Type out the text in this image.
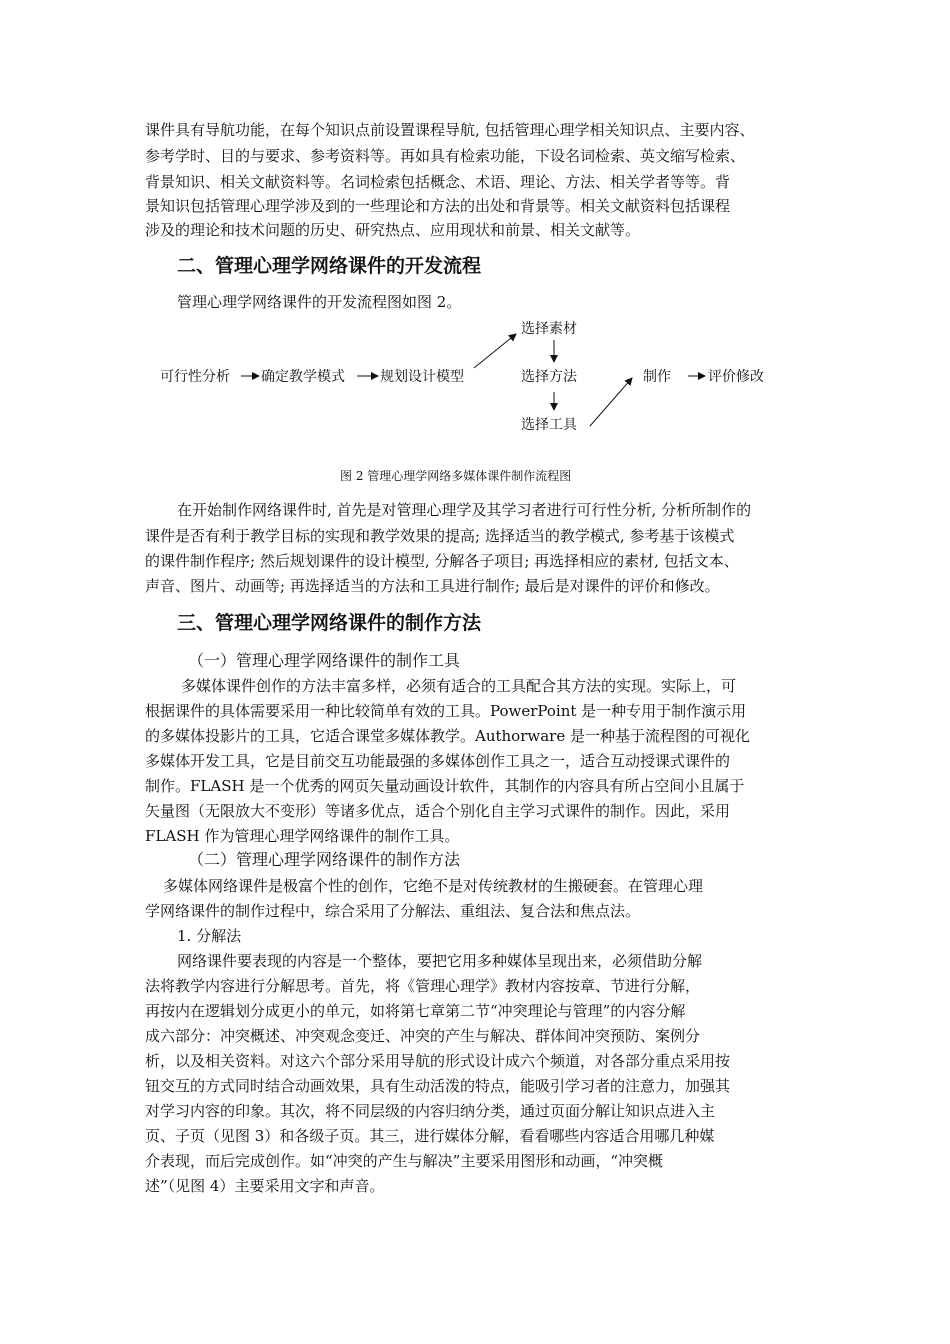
课件具有导航功能，在每个知识点前设置课程导航, 包括管理心理学相关知识点、主要内容、
参考学时、目的与要求、参考资料等。再如具有检索功能，下设名词检索、英文缩写检索、
背景知识、相关文献资料等。名词检索包括概念、术语、理论、方法、相关学者等等。背
景知识包括管理心理学涉及到的一些理论和方法的出处和背景等。相关文献资料包括课程
涉及的理论和技术问题的历史、研究热点、应用现状和前景、相关文献等。
二、管理心理学网络课件的开发流程
管理心理学网络课件的开发流程图如图 2。
可行性分析 确定教学模式	规划设计模型
选择素材
选择方法
选择工具
制作	评价修改
图 2 管理心理学网络多媒体课件制作流程图
在开始制作网络课件时, 首先是对管理心理学及其学习者进行可行性分析, 分析所制作的
课件是否有利于教学目标的实现和教学效果的提高; 选择适当的教学模式, 参考基于该模式
的课件制作程序; 然后规划课件的设计模型, 分解各子项目; 再选择相应的素材, 包括文本、
声音、图片、动画等; 再选择适当的方法和工具进行制作; 最后是对课件的评价和修改。
三、管理心理学网络课件的制作方法
（一）管理心理学网络课件的制作工具
多媒体课件创作的方法丰富多样，必须有适合的工具配合其方法的实现。实际上，可
根据课件的具体需要采用一种比较简单有效的工具。PowerPoint 是一种专用于制作演示用
的多媒体投影片的工具，它适合课堂多媒体教学。Authorware 是一种基于流程图的可视化
多媒体开发工具，它是目前交互功能最强的多媒体创作工具之一，适合互动授课式课件的
制作。FLASH 是一个优秀的网页矢量动画设计软件，其制作的内容具有所占空间小且属于
矢量图（无限放大不变形）等诸多优点，适合个别化自主学习式课件的制作。因此，采用
FLASH 作为管理心理学网络课件的制作工具。
（二）管理心理学网络课件的制作方法
多媒体网络课件是极富个性的创作，它绝不是对传统教材的生搬硬套。在管理心理
学网络课件的制作过程中，综合采用了分解法、重组法、复合法和焦点法。
1. 分解法
网络课件要表现的内容是一个整体，要把它用多种媒体呈现出来，必须借助分解
法将教学内容进行分解思考。首先，将《管理心理学》教材内容按章、节进行分解，
再按内在逻辑划分成更小的单元，如将第七章第二节“冲突理论与管理”的内容分解
成六部分：冲突概述、冲突观念变迁、冲突的产生与解决、群体间冲突预防、案例分
析，以及相关资料。对这六个部分采用导航的形式设计成六个频道，对各部分重点采用按
钮交互的方式同时结合动画效果，具有生动活泼的特点，能吸引学习者的注意力，加强其
对学习内容的印象。其次，将不同层级的内容归纳分类，通过页面分解让知识点进入主
页、子页（见图 3）和各级子页。其三，进行媒体分解，看看哪些内容适合用哪几种媒
介表现，而后完成创作。如“冲突的产生与解决”主要采用图形和动画，“冲突概
述”（见图 4）主要采用文字和声音。
